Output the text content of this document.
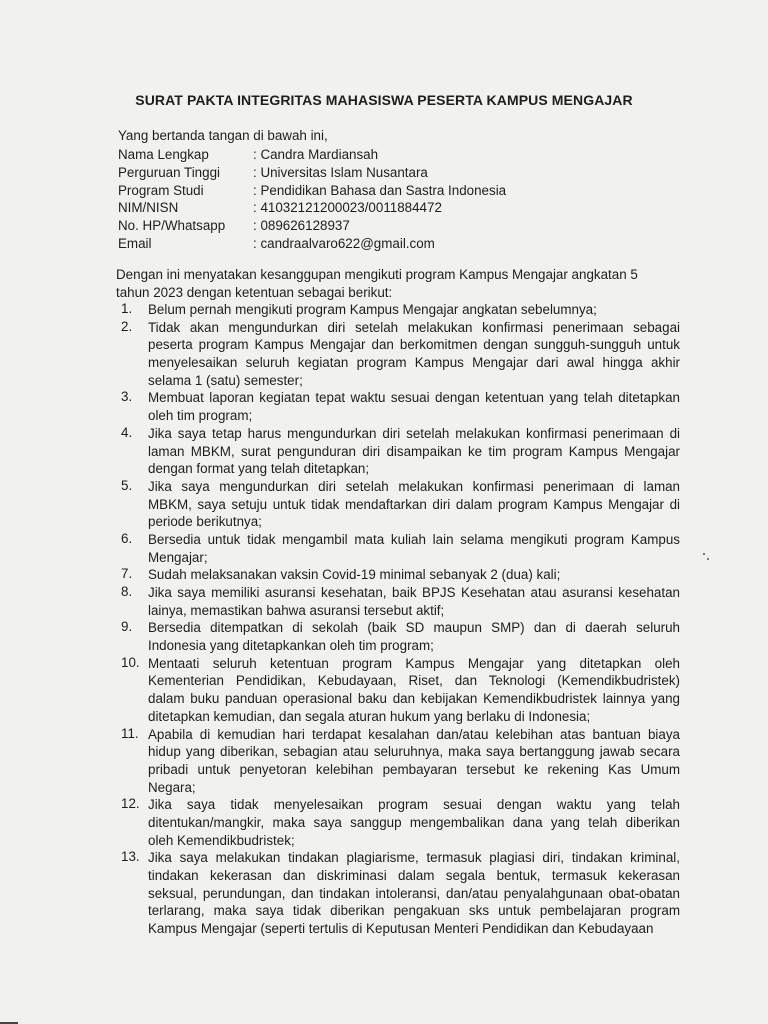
SURAT PAKTA INTEGRITAS MAHASISWA PESERTA KAMPUS MENGAJAR
Yang bertanda tangan di bawah ini,
Nama Lengkap	: Candra Mardiansah
Perguruan Tinggi : Universitas Islam Nusantara
Program Studi	: Pendidikan Bahasa dan Sastra Indonesia
NIM/NISN	: 41032121200023/0011884472
No. HP/Whatsapp : 089626128937
Email	: candraalvaro622@gmail.com
Dengan ini menyatakan kesanggupan mengikuti program Kampus Mengajar angkatan 5
tahun 2023 dengan ketentuan sebagai berikut:
1.	Belum pernah mengikuti program Kampus Mengajar angkatan sebelumnya;
2.	Tidak akan mengundurkan diri setelah melakukan konfirmasi penerimaan sebagai
peserta program Kampus Mengajar dan berkomitmen dengan sungguh-sungguh untuk
menyelesaikan seluruh kegiatan program Kampus Mengajar dari awal hingga akhir
selama 1 (satu) semester;
3.	Membuat laporan kegiatan tepat waktu sesuai dengan ketentuan yang telah ditetapkan
oleh tim program;
4.	Jika saya tetap harus mengundurkan diri setelah melakukan konfirmasi penerimaan di
laman MBKM, surat pengunduran diri disampaikan ke tim program Kampus Mengajar
dengan format yang telah ditetapkan;
5.	Jika saya mengundurkan diri setelah melakukan konfirmasi penerimaan di laman
MBKM, saya setuju untuk tidak mendaftarkan diri dalam program Kampus Mengajar di
periode berikutnya;
6.	Bersedia untuk tidak mengambil mata kuliah lain selama mengikuti program Kampus
Mengajar;
7.	Sudah melaksanakan vaksin Covid-19 minimal sebanyak 2 (dua) kali;
8.	Jika saya memiliki asuransi kesehatan, baik BPJS Kesehatan atau asuransi kesehatan
lainya, memastikan bahwa asuransi tersebut aktif;
9.	Bersedia ditempatkan di sekolah (baik SD maupun SMP) dan di daerah seluruh
Indonesia yang ditetapkankan oleh tim program;
10. Mentaati seluruh ketentuan program Kampus Mengajar yang ditetapkan oleh
Kementerian Pendidikan, Kebudayaan, Riset, dan Teknologi (Kemendikbudristek)
dalam buku panduan operasional baku dan kebijakan Kemendikbudristek lainnya yang
ditetapkan kemudian, dan segala aturan hukum yang berlaku di Indonesia;
11. Apabila di kemudian hari terdapat kesalahan dan/atau kelebihan atas bantuan biaya
hidup yang diberikan, sebagian atau seluruhnya, maka saya bertanggung jawab secara
pribadi untuk penyetoran kelebihan pembayaran tersebut ke rekening Kas Umum
Negara;
12. Jika saya tidak menyelesaikan program sesuai dengan waktu yang telah
ditentukan/mangkir, maka saya sanggup mengembalikan dana yang telah diberikan
oleh Kemendikbudristek;
13. Jika saya melakukan tindakan plagiarisme, termasuk plagiasi diri, tindakan kriminal,
tindakan kekerasan dan diskriminasi dalam segala bentuk, termasuk kekerasan
seksual, perundungan, dan tindakan intoleransi, dan/atau penyalahgunaan obat-obatan
terlarang, maka saya tidak diberikan pengakuan sks untuk pembelajaran program
Kampus Mengajar (seperti tertulis di Keputusan Menteri Pendidikan dan Kebudayaan
